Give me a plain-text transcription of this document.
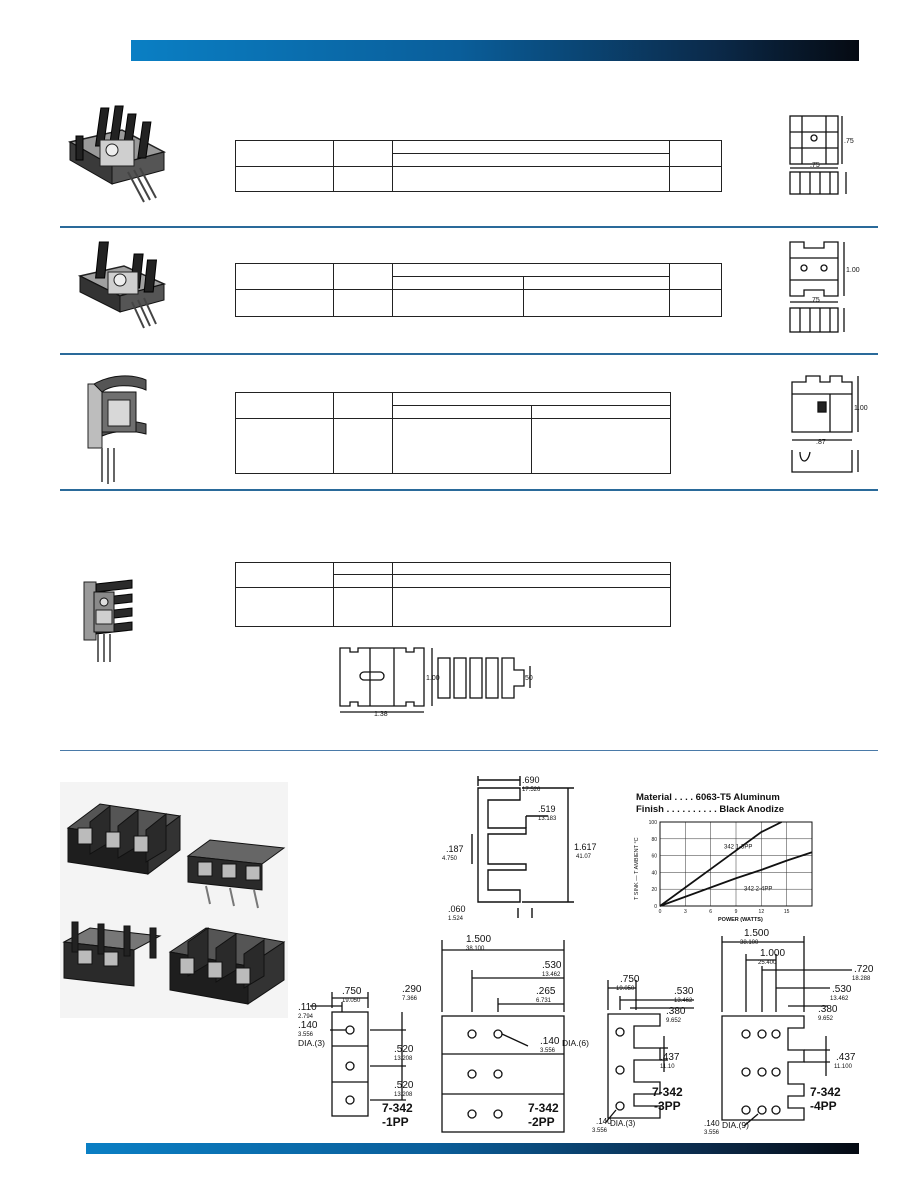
.75
.75

1.00
.75

1.00
.87

1.00
1.38
.50
.690
17.526
.519
13.183
1.617
41.07
.187
4.750
.060
1.524
Material . . . . 6063-T5 Aluminum
Finish . . . . . . . . . . Black Anodize
342 1-3PP
342 2-4PP
0
20
40
60
80
100
0	3	6	9	12	15
T SINK — T AMBIENT °C
POWER (WATTS)
.750
19.050
.110
2.794
.140
3.556
DIA.(3)
.290
7.366
.520
13.208
.520
13.208
7-342
-1PP
1.500
38.100
.530
13.462
.265
6.731
.140
3.556
DIA.(6)
7-342
-2PP
.750
19.050	.530
13.462
.380
9.652
.437
11.10
7-342
-3PP
.140
3.556
DIA.(3)
1.500
38.100
1.000
25.400
.720
18.288
.530
13.462
.380
9.652
.437
11.100
7-342
-4PP
.140
3.556
DIA.(9)
